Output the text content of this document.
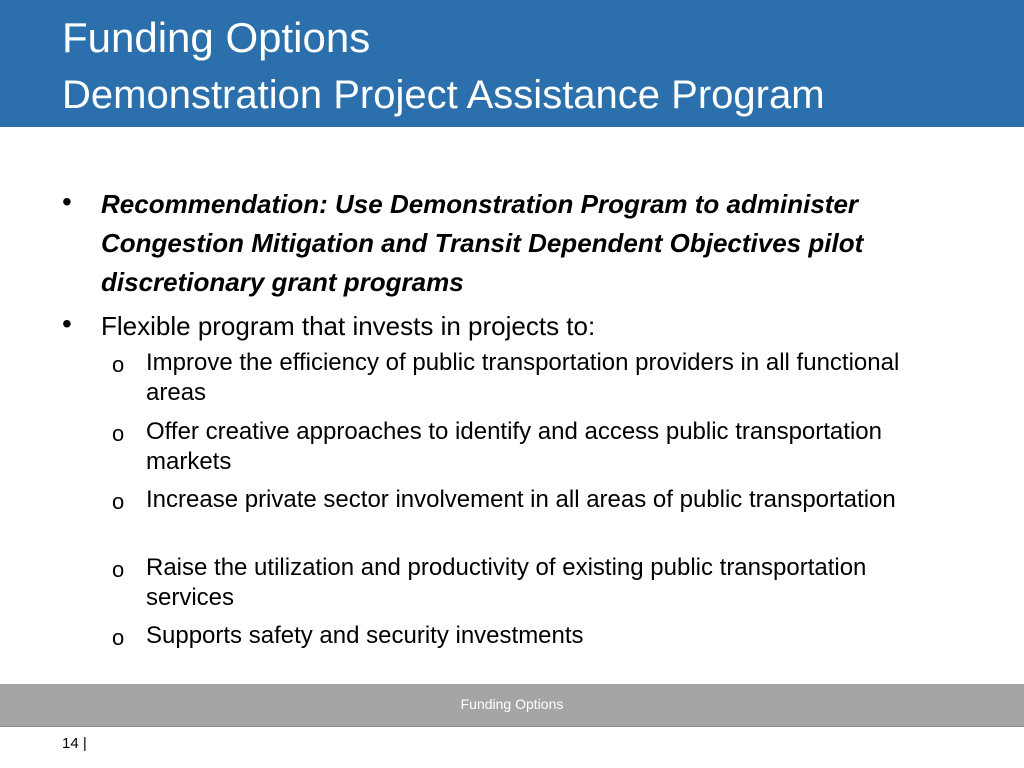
Funding Options
Demonstration Project Assistance Program
• Recommendation: Use Demonstration Program to administer Congestion Mitigation and Transit Dependent Objectives pilot discretionary grant programs
• Flexible program that invests in projects to:
o Improve the efficiency of public transportation providers in all functional areas
o Offer creative approaches to identify and access public transportation markets
o Increase private sector involvement in all areas of public transportation
o Raise the utilization and productivity of existing public transportation services
o Supports safety and security investments
Funding Options
14 |
